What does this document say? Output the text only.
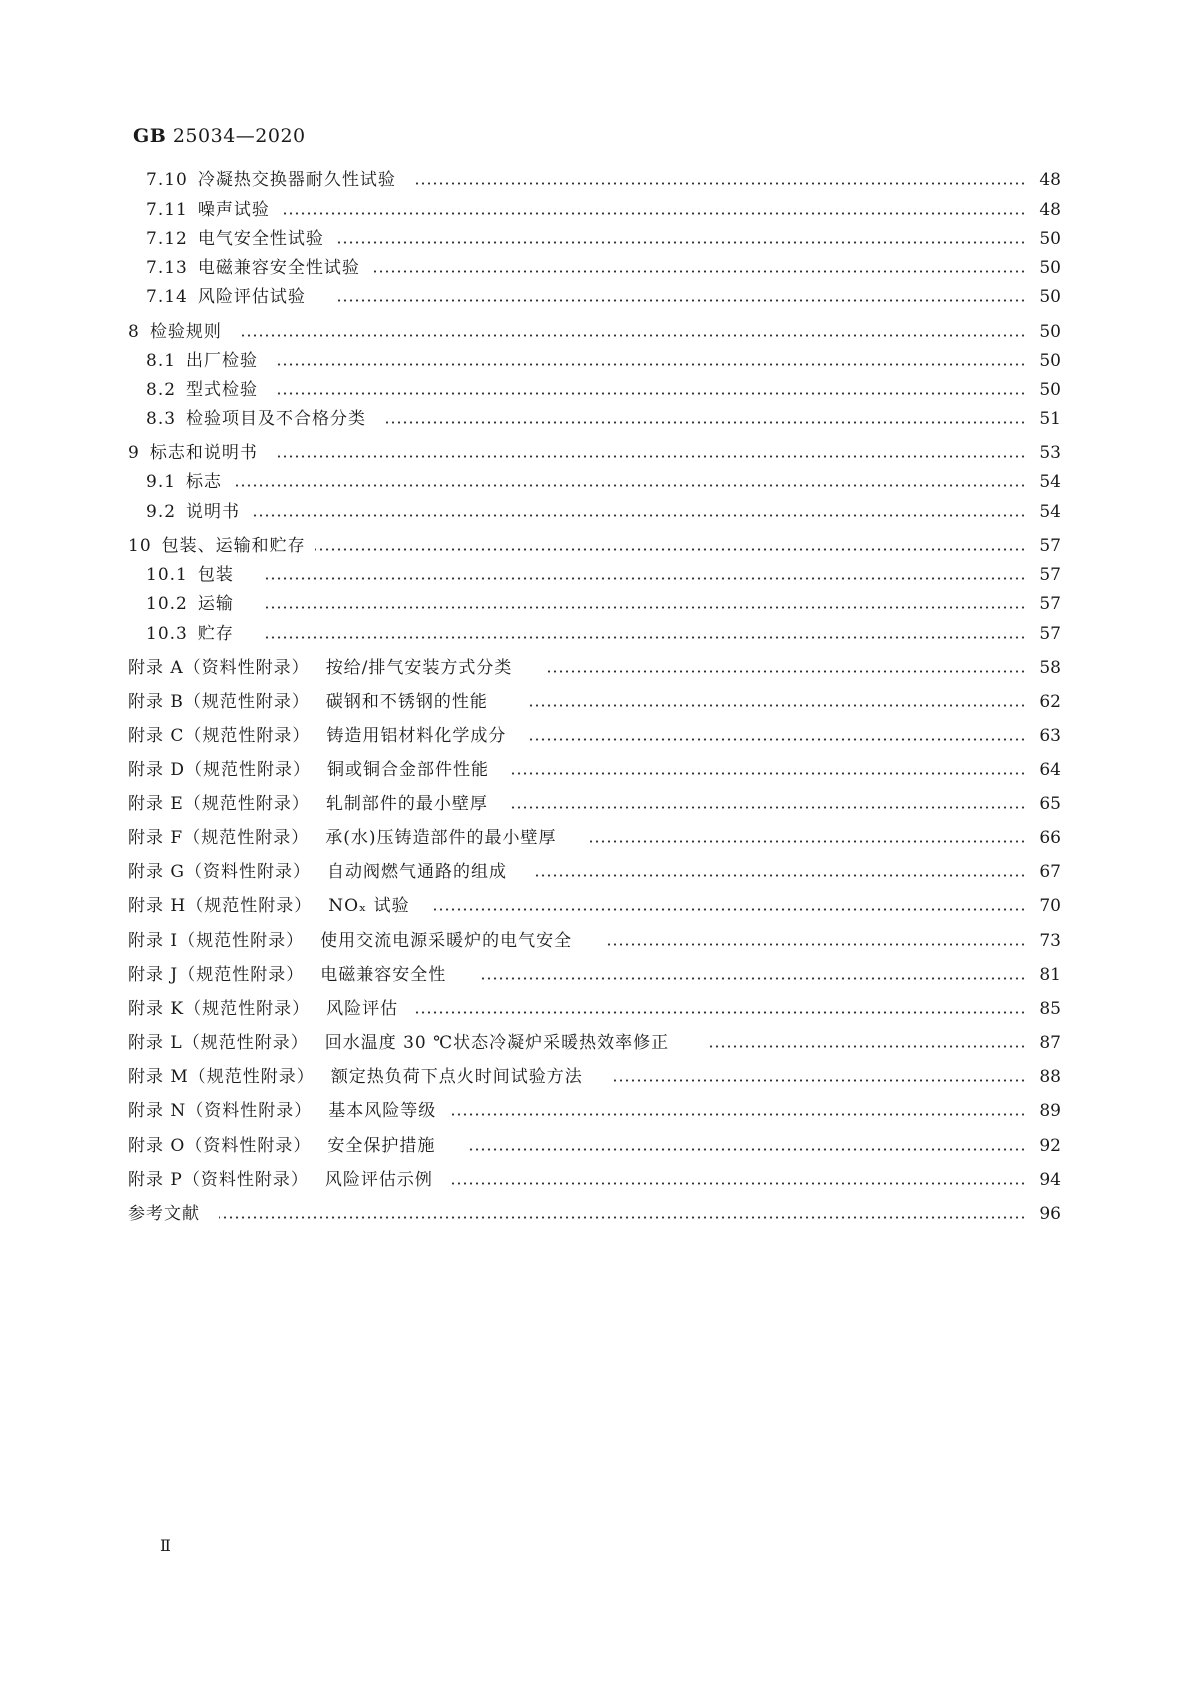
GB 25034—2020
7.10 冷凝热交换器耐久性试验	48
7.11 噪声试验	48
7.12 电气安全性试验	50
7.13 电磁兼容安全性试验	50
7.14 风险评估试验	50
8 检验规则	50
8.1 出厂检验	50
8.2 型式检验	50
8.3 检验项目及不合格分类	51
9 标志和说明书	53
9.1 标志	54
9.2 说明书	54
10 包装、运输和贮存	57
10.1 包装	57
10.2 运输	57
10.3 贮存	57
附录 A（资料性附录） 按给/排气安装方式分类	58
附录 B（规范性附录） 碳钢和不锈钢的性能	62
附录 C（规范性附录） 铸造用铝材料化学成分	63
附录 D（规范性附录） 铜或铜合金部件性能	64
附录 E（规范性附录） 轧制部件的最小壁厚	65
附录 F（规范性附录） 承(水)压铸造部件的最小壁厚	66
附录 G（资料性附录） 自动阀燃气通路的组成	67
附录 H（规范性附录） NOₓ 试验	70
附录 I（规范性附录） 使用交流电源采暖炉的电气安全	73
附录 J（规范性附录） 电磁兼容安全性	81
附录 K（规范性附录） 风险评估	85
附录 L（规范性附录） 回水温度 30 ℃状态冷凝炉采暖热效率修正	87
附录 M（规范性附录） 额定热负荷下点火时间试验方法	88
附录 N（资料性附录） 基本风险等级	89
附录 O（资料性附录） 安全保护措施	92
附录 P（资料性附录） 风险评估示例	94
参考文献	96
Ⅱ
